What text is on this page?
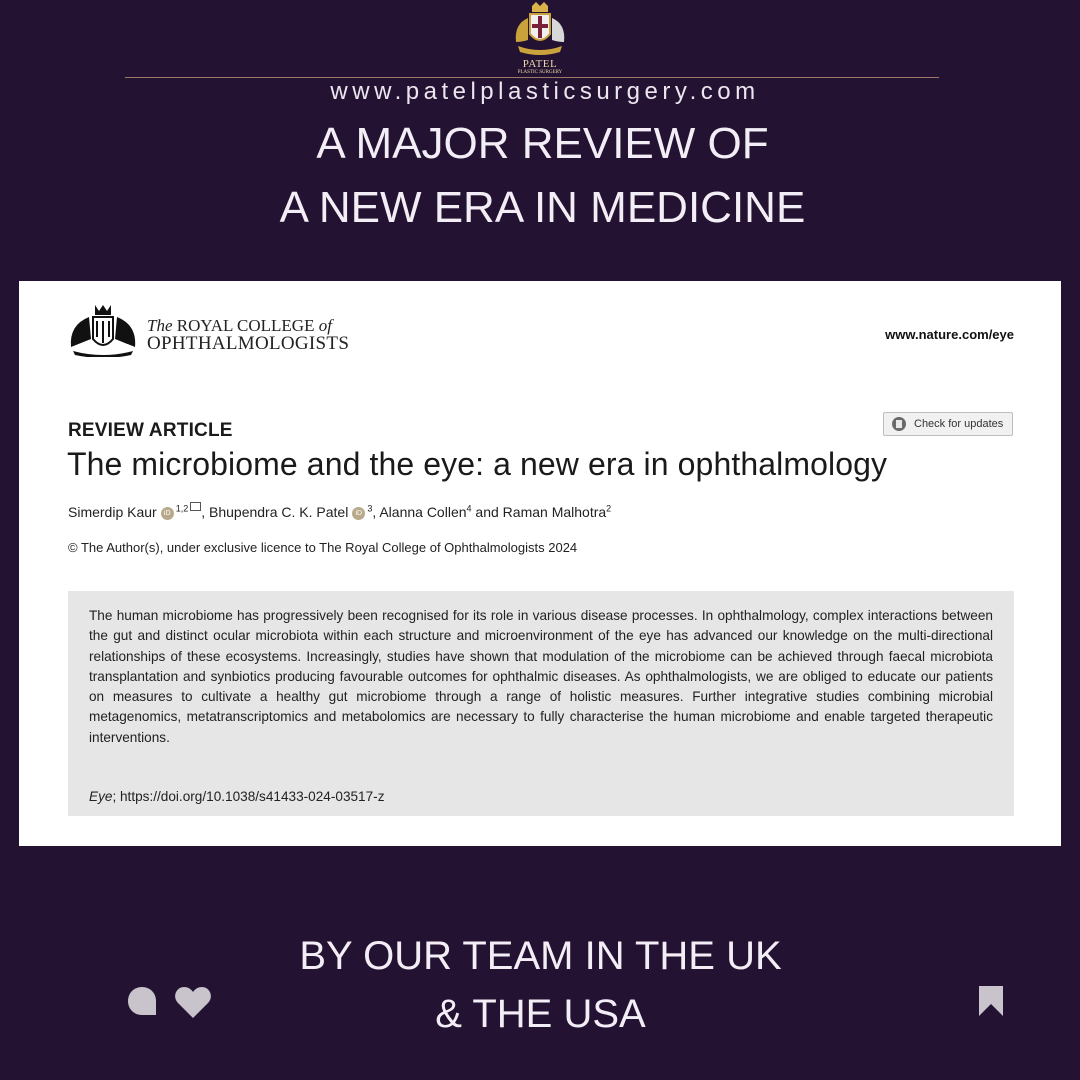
PATEL
PLASTIC SURGERY
www.patelplasticsurgery.com
A MAJOR REVIEW OF
A NEW ERA IN MEDICINE
The ROYAL COLLEGE of
OPHTHALMOLOGISTS	www.nature.com/eye
REVIEW ARTICLE	Check for updates
The microbiome and the eye: a new era in ophthalmology
Simerdip Kaur iD $^{1,2}$ , Bhupendra C. K. Patel iD $^3$, Alanna Collen$^4$ and Raman Malhotra$^2$
© The Author(s), under exclusive licence to The Royal College of Ophthalmologists 2024

The human microbiome has progressively been recognised for its role in various disease processes. In ophthalmology, complex interactions between the gut and distinct ocular microbiota within each structure and microenvironment of the eye has advanced our knowledge on the multi-directional relationships of these ecosystems. Increasingly, studies have shown that modulation of the microbiome can be achieved through faecal microbiota transplantation and synbiotics producing favourable outcomes for ophthalmic diseases. As ophthalmologists, we are obliged to educate our patients on measures to cultivate a healthy gut microbiome through a range of holistic measures. Further integrative studies combining microbial metagenomics, metatranscriptomics and metabolomics are necessary to fully characterise the human microbiome and enable targeted therapeutic interventions.

Eye; https://doi.org/10.1038/s41433-024-03517-z
BY OUR TEAM IN THE UK
& THE USA
